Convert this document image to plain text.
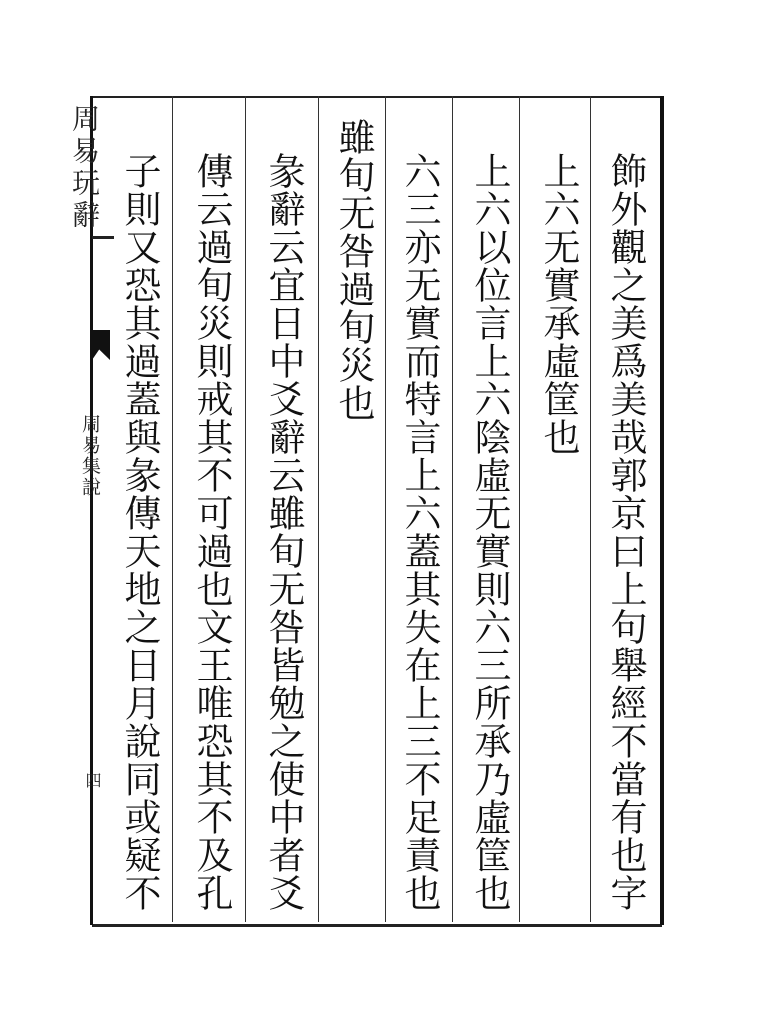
周易玩辭
周易集說
四	飾外觀之美爲美哉郭京曰上句舉經不當有也字
上六无實承虛筐也
上六以位言上六陰虛无實則六三所承乃虛筐也
六三亦无實而特言上六蓋其失在上三不足責也
雖旬无咎過旬災也
彖辭云宜日中爻辭云雖旬无咎皆勉之使中者爻
傳云過旬災則戒其不可過也文王唯恐其不及孔
子則又恐其過蓋與彖傳天地之日月說同或疑不
